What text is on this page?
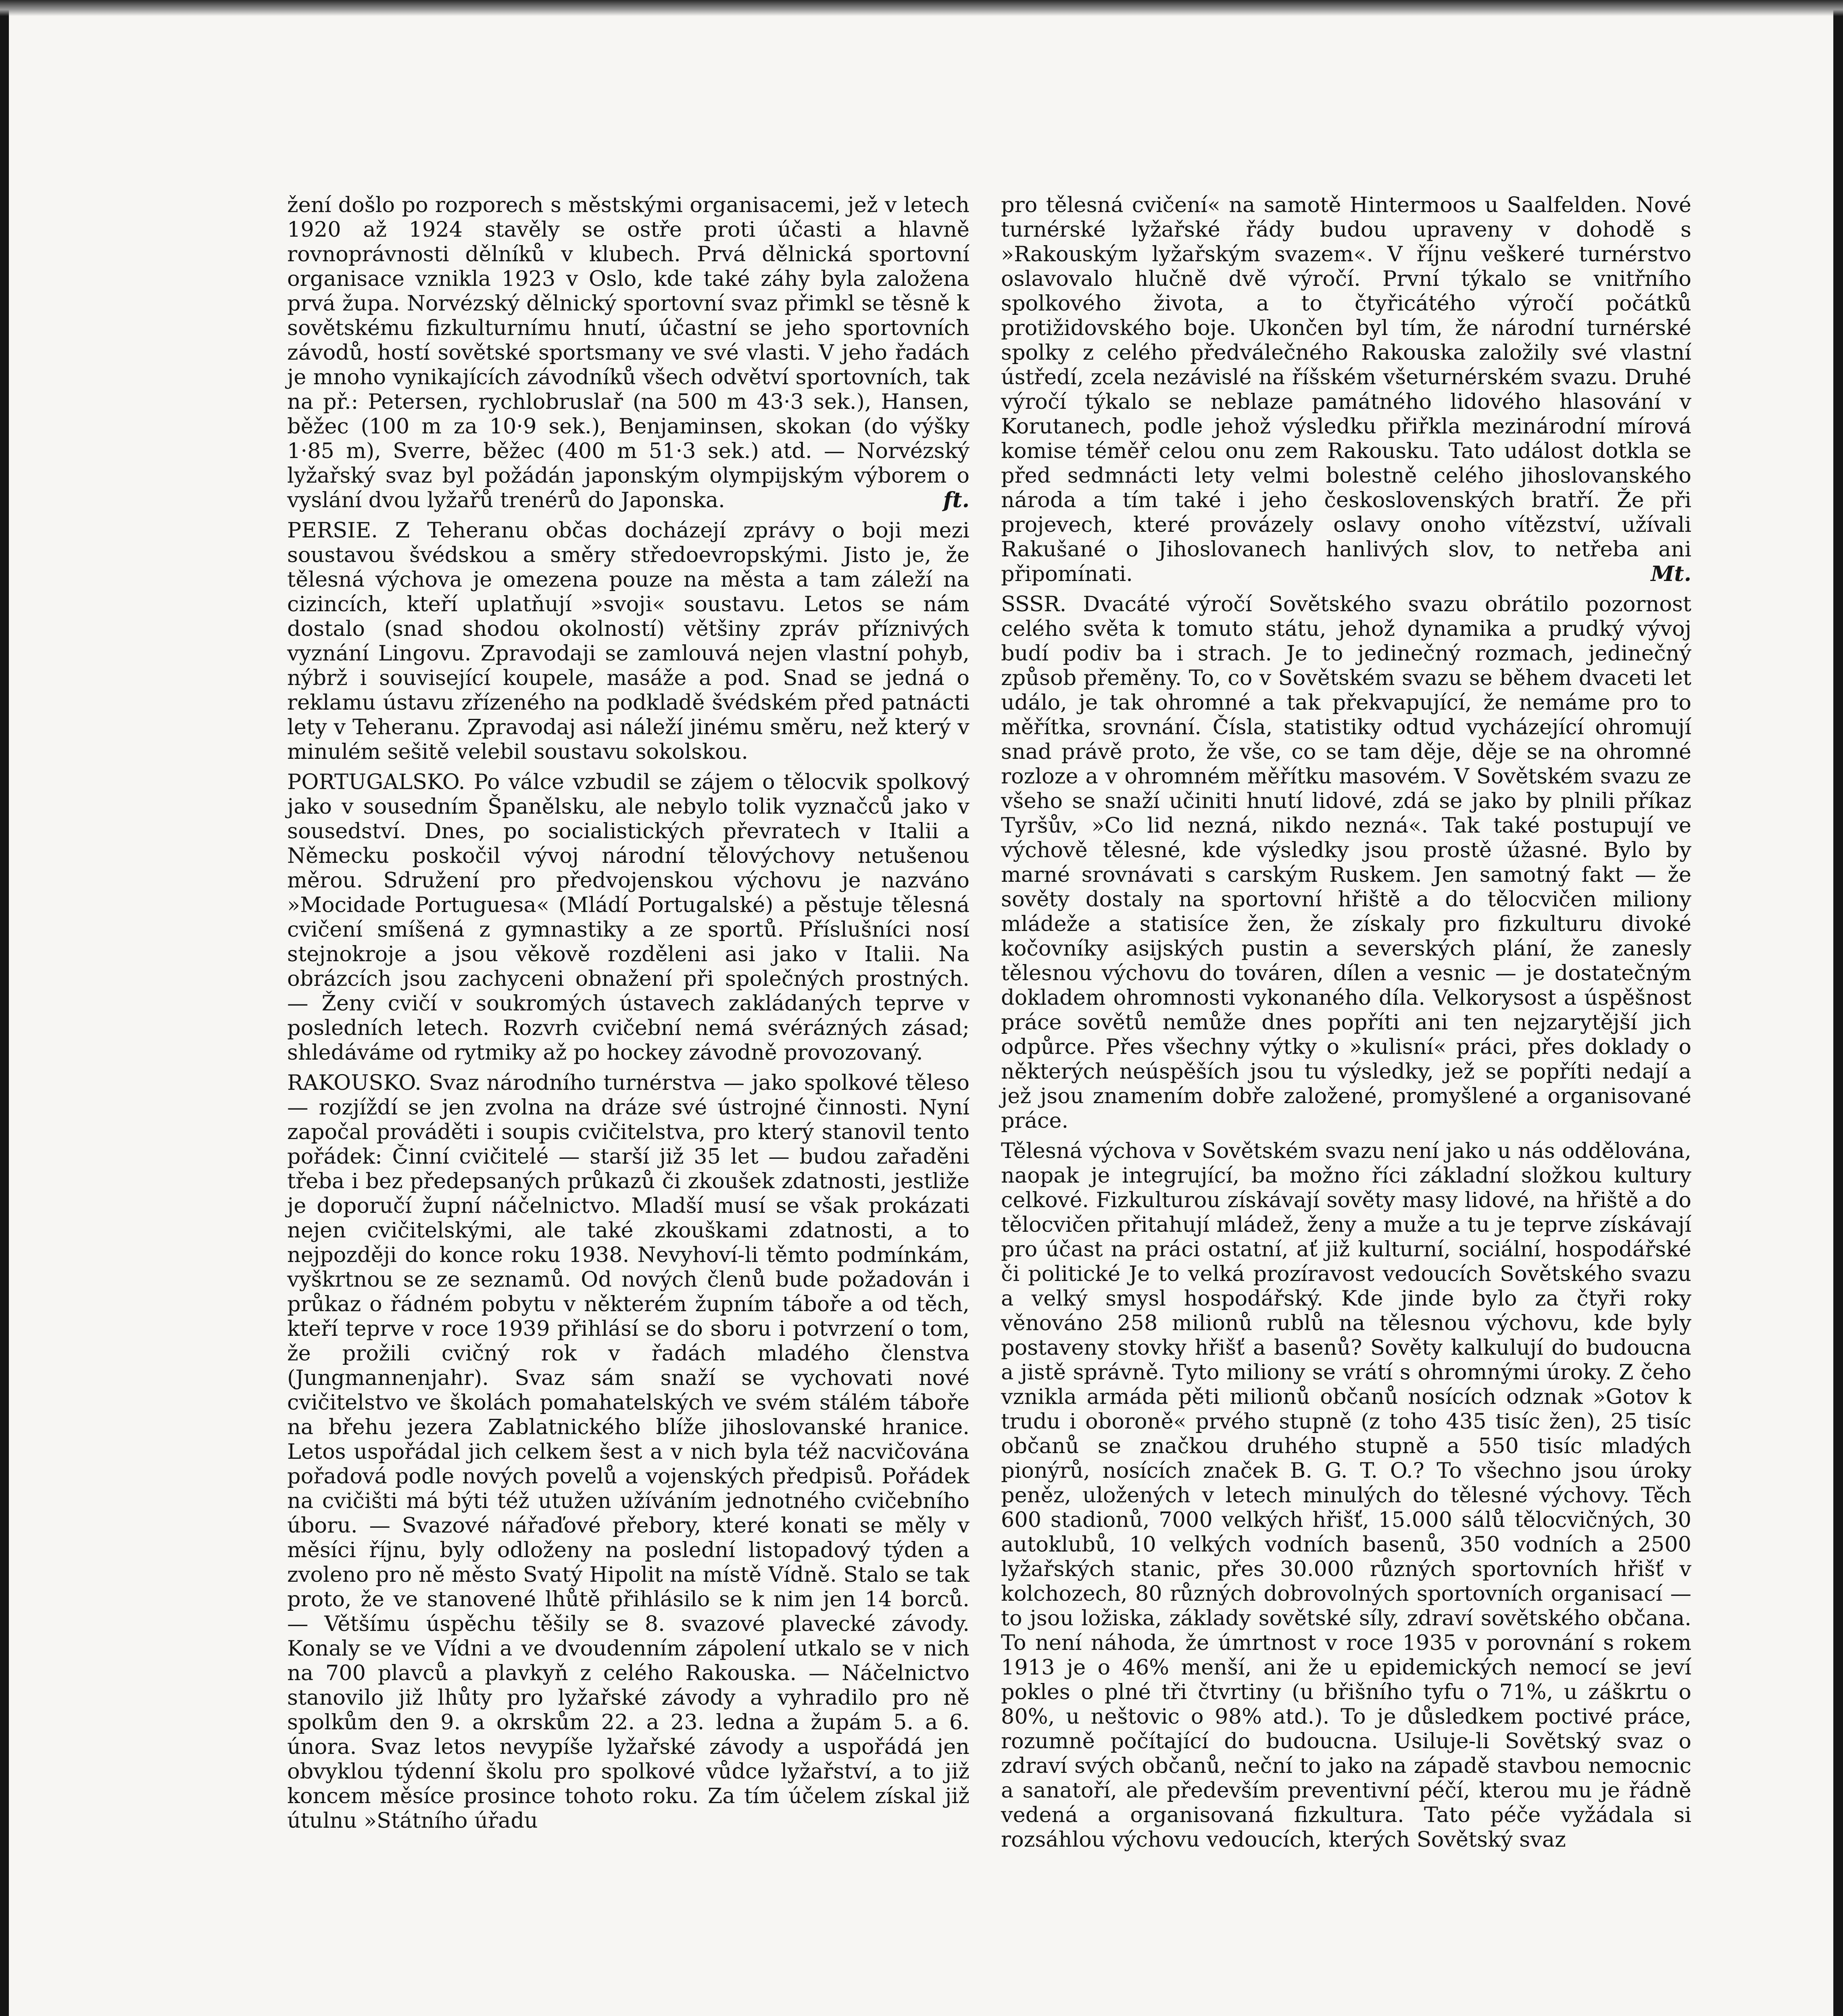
žení došlo po rozporech s městskými organisacemi, jež v letech 1920 až 1924 stavěly se ostře proti účasti a hlavně rovnoprávnosti dělníků v klubech. Prvá dělnická sportovní organisace vznikla 1923 v Oslo, kde také záhy byla založena prvá župa. Norvézský dělnický sportovní svaz přimkl se těsně k sovětskému fizkulturnímu hnutí, účastní se jeho sportovních závodů, hostí sovětské sportsmany ve své vlasti. V jeho řadách je mnoho vynikajících závodníků všech odvětví sportovních, tak na př.: Petersen, rychlobruslař (na 500 m 43·3 sek.), Hansen, běžec (100 m za 10·9 sek.), Benjaminsen, skokan (do výšky 1·85 m), Sverre, běžec (400 m 51·3 sek.) atd. — Norvézský lyžařský svaz byl požádán japonským olympijským výborem o vyslání dvou lyžařů trenérů do Japonska.	ft.

PERSIE. Z Teheranu občas docházejí zprávy o boji mezi soustavou švédskou a směry středoevropskými. Jisto je, že tělesná výchova je omezena pouze na města a tam záleží na cizincích, kteří uplatňují »svoji« soustavu. Letos se nám dostalo (snad shodou okolností) většiny zpráv příznivých vyznání Lingovu. Zpravodaji se zamlouvá nejen vlastní pohyb, nýbrž i související koupele, masáže a pod. Snad se jedná o reklamu ústavu zřízeného na podkladě švédském před patnácti lety v Teheranu. Zpravodaj asi náleží jinému směru, než který v minulém sešitě velebil soustavu sokolskou.

PORTUGALSKO. Po válce vzbudil se zájem o tělocvik spolkový jako v sousedním Španělsku, ale nebylo tolik vyznačců jako v sousedství. Dnes, po socialistických převratech v Italii a Německu poskočil vývoj národní tělovýchovy netušenou měrou. Sdružení pro předvojenskou výchovu je nazváno »Mocidade Portuguesa« (Mládí Portugalské) a pěstuje tělesná cvičení smíšená z gymnastiky a ze sportů. Příslušníci nosí stejnokroje a jsou věkově rozděleni asi jako v Italii. Na obrázcích jsou zachyceni obnažení při společných prostných. — Ženy cvičí v soukromých ústavech zakládaných teprve v posledních letech. Rozvrh cvičební nemá svérázných zásad; shledáváme od rytmiky až po hockey závodně provozovaný.

RAKOUSKO. Svaz národního turnérstva — jako spolkové těleso — rozjíždí se jen zvolna na dráze své ústrojné činnosti. Nyní započal prováděti i soupis cvičitelstva, pro který stanovil tento pořádek: Činní cvičitelé — starší již 35 let — budou zařaděni třeba i bez předepsaných průkazů či zkoušek zdatnosti, jestliže je doporučí župní náčelnictvo. Mladší musí se však prokázati nejen cvičitelskými, ale také zkouškami zdatnosti, a to nejpozději do konce roku 1938. Nevyhoví-li těmto podmínkám, vyškrtnou se ze seznamů. Od nových členů bude požadován i průkaz o řádném pobytu v některém župním táboře a od těch, kteří teprve v roce 1939 přihlásí se do sboru i potvrzení o tom, že prožili cvičný rok v řadách mladého členstva (Jungmannenjahr). Svaz sám snaží se vychovati nové cvičitelstvo ve školách pomahatelských ve svém stálém táboře na břehu jezera Zablatnického blíže jihoslovanské hranice. Letos uspořádal jich celkem šest a v nich byla též nacvičována pořadová podle nových povelů a vojenských předpisů. Pořádek na cvičišti má býti též utužen užíváním jednotného cvičebního úboru. — Svazové nářaďové přebory, které konati se měly v měsíci říjnu, byly odloženy na poslední listopadový týden a zvoleno pro ně město Svatý Hipolit na místě Vídně. Stalo se tak proto, že ve stanovené lhůtě přihlásilo se k nim jen 14 borců. — Většímu úspěchu těšily se 8. svazové plavecké závody. Konaly se ve Vídni a ve dvoudenním zápolení utkalo se v nich na 700 plavců a plavkyň z celého Rakouska. — Náčelnictvo stanovilo již lhůty pro lyžařské závody a vyhradilo pro ně spolkům den 9. a okrskům 22. a 23. ledna a župám 5. a 6. února. Svaz letos nevypíše lyžařské závody a uspořádá jen obvyklou týdenní školu pro spolkové vůdce lyžařství, a to již koncem měsíce prosince tohoto roku. Za tím účelem získal již útulnu »Státního úřadu

pro tělesná cvičení« na samotě Hintermoos u Saalfelden. Nové turnérské lyžařské řády budou upraveny v dohodě s »Rakouským lyžařským svazem«. V říjnu veškeré turnérstvo oslavovalo hlučně dvě výročí. První týkalo se vnitřního spolkového života, a to čtyřicátého výročí počátků protižidovského boje. Ukončen byl tím, že národní turnérské spolky z celého předválečného Rakouska založily své vlastní ústředí, zcela nezávislé na říšském všeturnérském svazu. Druhé výročí týkalo se neblaze památného lidového hlasování v Korutanech, podle jehož výsledku přiřkla mezinárodní mírová komise téměř celou onu zem Rakousku. Tato událost dotkla se před sedmnácti lety velmi bolestně celého jihoslovanského národa a tím také i jeho československých bratří. Že při projevech, které provázely oslavy onoho vítězství, užívali Rakušané o Jihoslovanech hanlivých slov, to netřeba ani připomínati.	Mt.

SSSR. Dvacáté výročí Sovětského svazu obrátilo pozornost celého světa k tomuto státu, jehož dynamika a prudký vývoj budí podiv ba i strach. Je to jedinečný rozmach, jedinečný způsob přeměny. To, co v Sovětském svazu se během dvaceti let událo, je tak ohromné a tak překvapující, že nemáme pro to měřítka, srovnání. Čísla, statistiky odtud vycházející ohromují snad právě proto, že vše, co se tam děje, děje se na ohromné rozloze a v ohromném měřítku masovém. V Sovětském svazu ze všeho se snaží učiniti hnutí lidové, zdá se jako by plnili příkaz Tyršův, »Co lid nezná, nikdo nezná«. Tak také postupují ve výchově tělesné, kde výsledky jsou prostě úžasné. Bylo by marné srovnávati s carským Ruskem. Jen samotný fakt — že sověty dostaly na sportovní hřiště a do tělocvičen miliony mládeže a statisíce žen, že získaly pro fizkulturu divoké kočovníky asijských pustin a severských plání, že zanesly tělesnou výchovu do továren, dílen a vesnic — je dostatečným dokladem ohromnosti vykonaného díla. Velkorysost a úspěšnost práce sovětů nemůže dnes popříti ani ten nejzarytější jich odpůrce. Přes všechny výtky o »kulisní« práci, přes doklady o některých neúspěších jsou tu výsledky, jež se popříti nedají a jež jsou znamením dobře založené, promyšlené a organisované práce.

Tělesná výchova v Sovětském svazu není jako u nás oddělována, naopak je integrující, ba možno říci základní složkou kultury celkové. Fizkulturou získávají sověty masy lidové, na hřiště a do tělocvičen přitahují mládež, ženy a muže a tu je teprve získávají pro účast na práci ostatní, ať již kulturní, sociální, hospodářské či politické Je to velká prozíravost vedoucích Sovětského svazu a velký smysl hospodářský. Kde jinde bylo za čtyři roky věnováno 258 milionů rublů na tělesnou výchovu, kde byly postaveny stovky hřišť a basenů? Sověty kalkulují do budoucna a jistě správně. Tyto miliony se vrátí s ohromnými úroky. Z čeho vznikla armáda pěti milionů občanů nosících odznak »Gotov k trudu i oboroně« prvého stupně (z toho 435 tisíc žen), 25 tisíc občanů se značkou druhého stupně a 550 tisíc mladých pionýrů, nosících značek B. G. T. O.? To všechno jsou úroky peněz, uložených v letech minulých do tělesné výchovy. Těch 600 stadionů, 7000 velkých hřišť, 15.000 sálů tělocvičných, 30 autoklubů, 10 velkých vodních basenů, 350 vodních a 2500 lyžařských stanic, přes 30.000 různých sportovních hřišť v kolchozech, 80 různých dobrovolných sportovních organisací — to jsou ložiska, základy sovětské síly, zdraví sovětského občana. To není náhoda, že úmrtnost v roce 1935 v porovnání s rokem 1913 je o 46% menší, ani že u epidemických nemocí se jeví pokles o plné tři čtvrtiny (u břišního tyfu o 71%, u záškrtu o 80%, u neštovic o 98% atd.). To je důsledkem poctivé práce, rozumně počítající do budoucna. Usiluje-li Sovětský svaz o zdraví svých občanů, neční to jako na západě stavbou nemocnic a sanatoří, ale především preventivní péčí, kterou mu je řádně vedená a organisovaná fizkultura. Tato péče vyžádala si rozsáhlou výchovu vedoucích, kterých Sovětský svaz
